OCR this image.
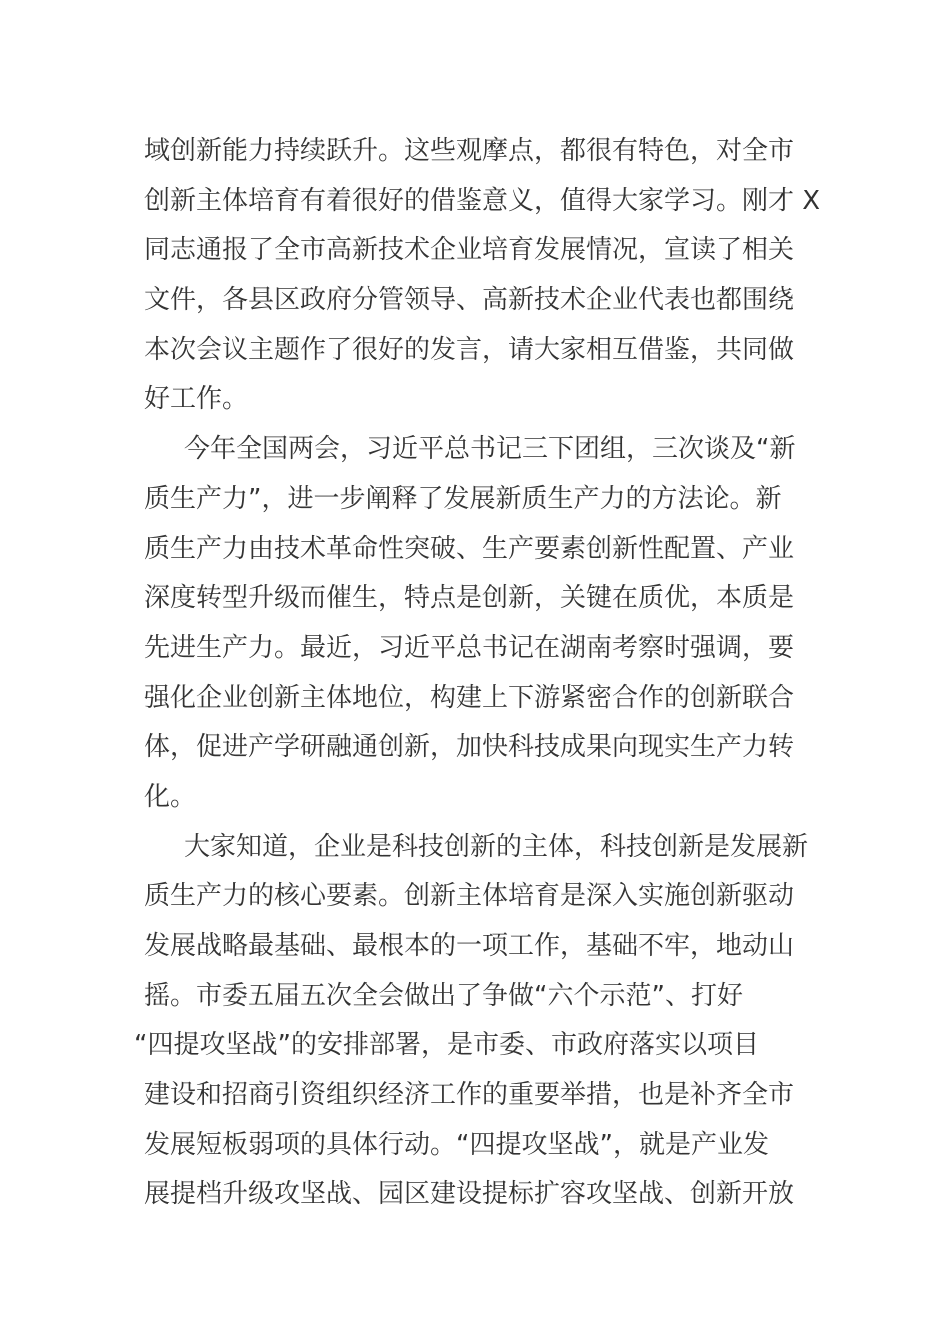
域创新能力持续跃升。这些观摩点，都很有特色，对全市
创新主体培育有着很好的借鉴意义，值得大家学习。刚才 X
同志通报了全市高新技术企业培育发展情况，宣读了相关
文件，各县区政府分管领导、高新技术企业代表也都围绕
本次会议主题作了很好的发言，请大家相互借鉴，共同做
好工作。
今年全国两会，习近平总书记三下团组，三次谈及“新
质生产力”，进一步阐释了发展新质生产力的方法论。新
质生产力由技术革命性突破、生产要素创新性配置、产业
深度转型升级而催生，特点是创新，关键在质优，本质是
先进生产力。最近，习近平总书记在湖南考察时强调，要
强化企业创新主体地位，构建上下游紧密合作的创新联合
体，促进产学研融通创新，加快科技成果向现实生产力转
化。
大家知道，企业是科技创新的主体，科技创新是发展新
质生产力的核心要素。创新主体培育是深入实施创新驱动
发展战略最基础、最根本的一项工作，基础不牢，地动山
摇。市委五届五次全会做出了争做“六个示范”、打好
“四提攻坚战”的安排部署，是市委、市政府落实以项目
建设和招商引资组织经济工作的重要举措，也是补齐全市
发展短板弱项的具体行动。“四提攻坚战”，就是产业发
展提档升级攻坚战、园区建设提标扩容攻坚战、创新开放
